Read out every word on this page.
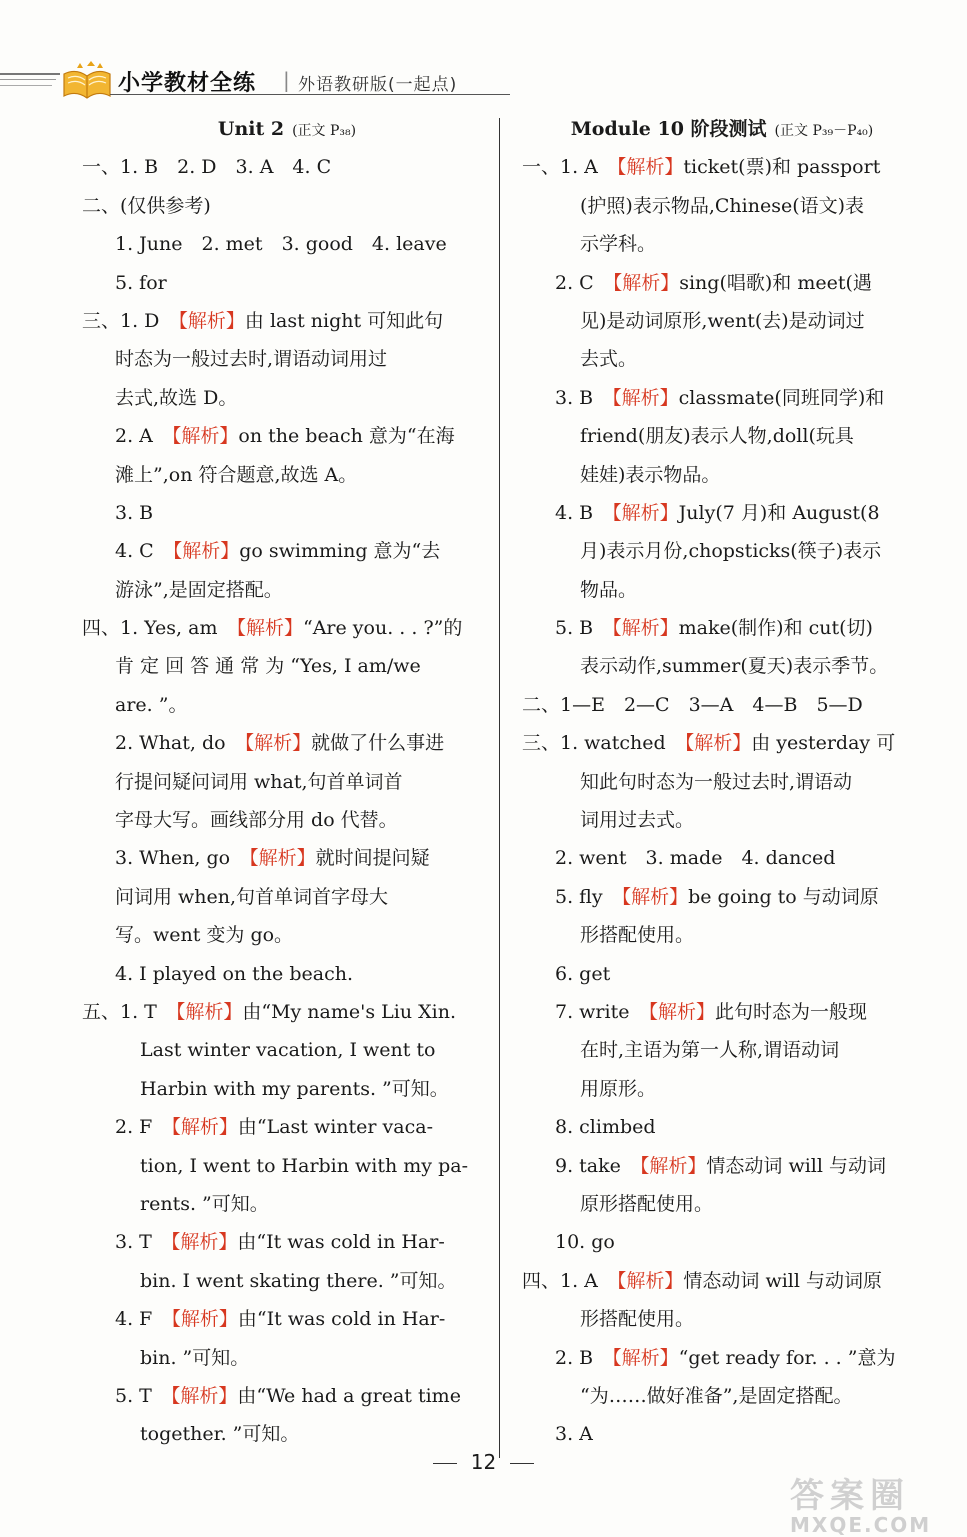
小学教材全练 | 外语教研版(一起点)
Unit 2 (正文 P₃₈)
一、1. B　2. D　3. A　4. C
二、(仅供参考)
1. June　2. met　3. good　4. leave
5. for
三、1. D　【解析】由 last night 可知此句
时态为一般过去时,谓语动词用过
去式,故选 D。
2. A　【解析】on the beach 意为“在海
滩上”,on 符合题意,故选 A。
3. B
4. C　【解析】go swimming 意为“去
游泳”,是固定搭配。
四、1. Yes, am　【解析】“Are you. . . ?”的
肯 定 回 答 通 常 为 “Yes, I am/we
are. ”。
2. What, do　【解析】就做了什么事进
行提问疑问词用 what,句首单词首
字母大写。画线部分用 do 代替。
3. When, go　【解析】就时间提问疑
问词用 when,句首单词首字母大
写。went 变为 go。
4. I played on the beach.
五、1. T　【解析】由“My name's Liu Xin.
Last winter vacation, I went to
Harbin with my parents. ”可知。
2. F　【解析】由“Last winter vaca-
tion, I went to Harbin with my pa-
rents. ”可知。
3. T　【解析】由“It was cold in Har-
bin. I went skating there. ”可知。
4. F　【解析】由“It was cold in Har-
bin. ”可知。
5. T　【解析】由“We had a great time
together. ”可知。
Module 10 阶段测试 (正文 P₃₉－P₄₀)
一、1. A　【解析】ticket(票)和 passport
(护照)表示物品,Chinese(语文)表
示学科。
2. C　【解析】sing(唱歌)和 meet(遇
见)是动词原形,went(去)是动词过
去式。
3. B　【解析】classmate(同班同学)和
friend(朋友)表示人物,doll(玩具
娃娃)表示物品。
4. B　【解析】July(7 月)和 August(8
月)表示月份,chopsticks(筷子)表示
物品。
5. B　【解析】make(制作)和 cut(切)
表示动作,summer(夏天)表示季节。
二、1—E　2—C　3—A　4—B　5—D
三、1. watched　【解析】由 yesterday 可
知此句时态为一般过去时,谓语动
词用过去式。
2. went　3. made　4. danced
5. fly　【解析】be going to 与动词原
形搭配使用。
6. get
7. write　【解析】此句时态为一般现
在时,主语为第一人称,谓语动词
用原形。
8. climbed
9. take　【解析】情态动词 will 与动词
原形搭配使用。
10. go
四、1. A　【解析】情态动词 will 与动词原
形搭配使用。
2. B　【解析】“get ready for. . . ”意为
“为……做好准备”,是固定搭配。
3. A
12
答案圈
MXQE.COM
